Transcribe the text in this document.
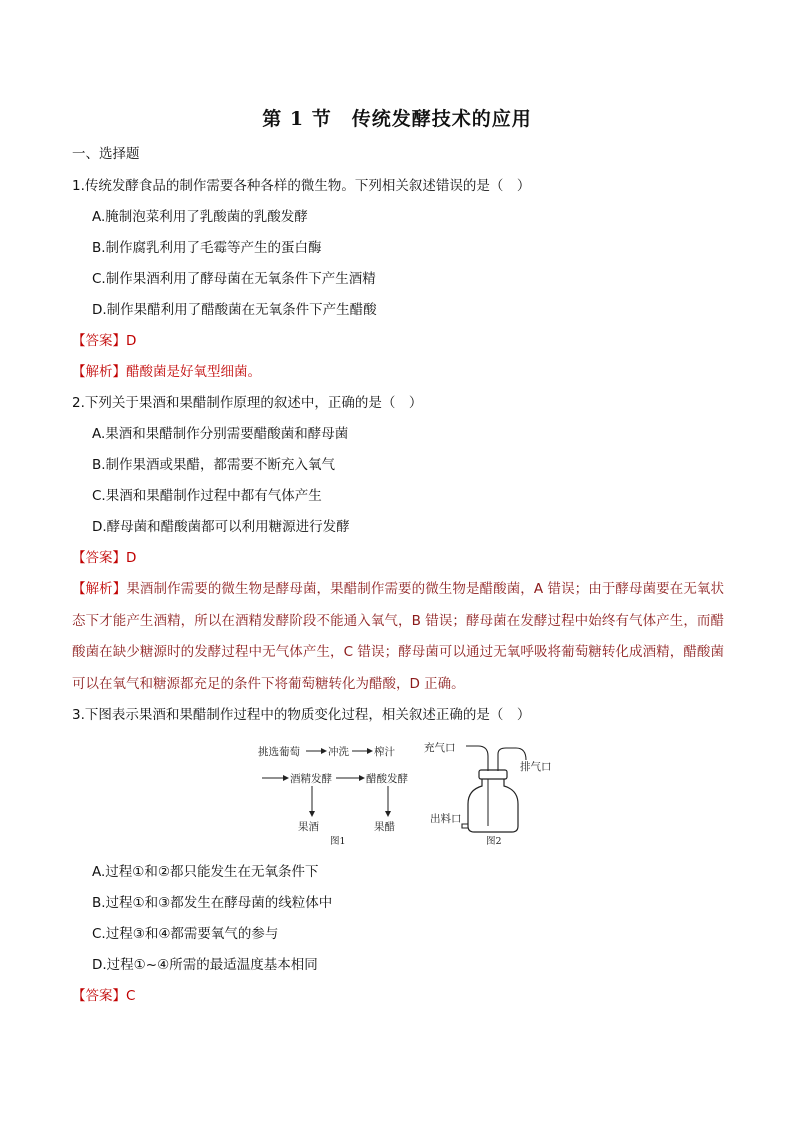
第 1 节　传统发酵技术的应用
一、选择题
1.传统发酵食品的制作需要各种各样的微生物。下列相关叙述错误的是（　）
A.腌制泡菜利用了乳酸菌的乳酸发酵
B.制作腐乳利用了毛霉等产生的蛋白酶
C.制作果酒利用了酵母菌在无氧条件下产生酒精
D.制作果醋利用了醋酸菌在无氧条件下产生醋酸
【答案】D
【解析】醋酸菌是好氧型细菌。
2.下列关于果酒和果醋制作原理的叙述中，正确的是（　）
A.果酒和果醋制作分别需要醋酸菌和酵母菌
B.制作果酒或果醋，都需要不断充入氧气
C.果酒和果醋制作过程中都有气体产生
D.酵母菌和醋酸菌都可以利用糖源进行发酵
【答案】D
【解析】果酒制作需要的微生物是酵母菌，果醋制作需要的微生物是醋酸菌，A 错误；由于酵母菌要在无氧状态下才能产生酒精，所以在酒精发酵阶段不能通入氧气，B 错误；酵母菌在发酵过程中始终有气体产生，而醋酸菌在缺少糖源时的发酵过程中无气体产生，C 错误；酵母菌可以通过无氧呼吸将葡萄糖转化成酒精，醋酸菌可以在氧气和糖源都充足的条件下将葡萄糖转化为醋酸，D 正确。
3.下图表示果酒和果醋制作过程中的物质变化过程，相关叙述正确的是（　）
挑选葡萄	冲洗 榨汁
酒精发酵	醋酸发酵
果酒	果醋
图1
充气口
排气口
出料口
图2
A.过程①和②都只能发生在无氧条件下
B.过程①和③都发生在酵母菌的线粒体中
C.过程③和④都需要氧气的参与
D.过程①~④所需的最适温度基本相同
【答案】C
